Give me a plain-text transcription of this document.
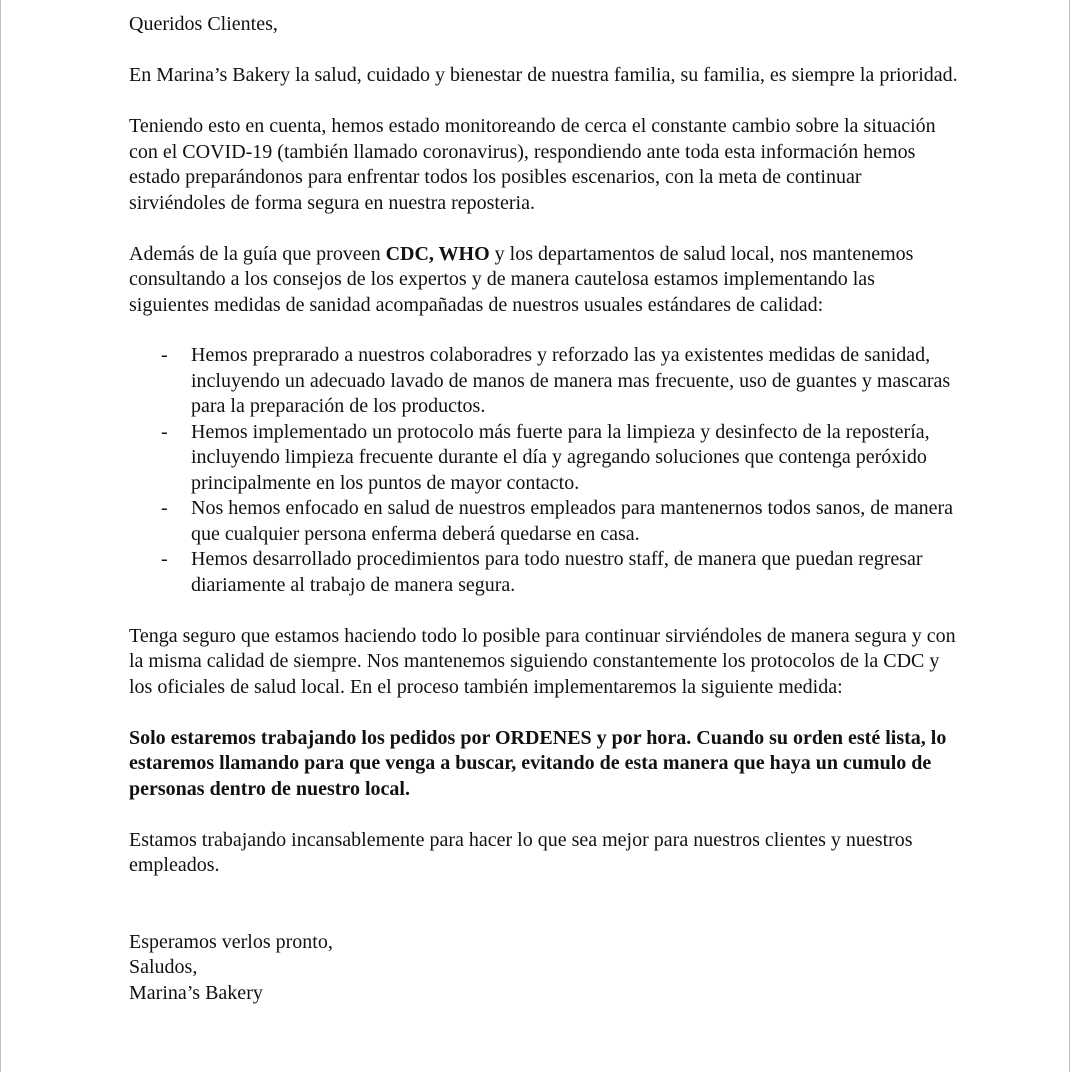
Queridos Clientes,

En Marina’s Bakery la salud, cuidado y bienestar de nuestra familia, su familia, es siempre la prioridad.

Teniendo esto en cuenta, hemos estado monitoreando de cerca el constante cambio sobre la situación con el COVID-19 (también llamado coronavirus), respondiendo ante toda esta información hemos estado preparándonos para enfrentar todos los posibles escenarios, con la meta de continuar sirviéndoles de forma segura en nuestra reposteria.

Además de la guía que proveen CDC, WHO y los departamentos de salud local, nos mantenemos consultando a los consejos de los expertos y de manera cautelosa estamos implementando las siguientes medidas de sanidad acompañadas de nuestros usuales estándares de calidad:

- Hemos preprarado a nuestros colaboradres y reforzado las ya existentes medidas de sanidad, incluyendo un adecuado lavado de manos de manera mas frecuente, uso de guantes y mascaras para la preparación de los productos.
- Hemos implementado un protocolo más fuerte para la limpieza y desinfecto de la repostería, incluyendo limpieza frecuente durante el día y agregando soluciones que contenga peróxido principalmente en los puntos de mayor contacto.
- Nos hemos enfocado en salud de nuestros empleados para mantenernos todos sanos, de manera que cualquier persona enferma deberá quedarse en casa.
- Hemos desarrollado procedimientos para todo nuestro staff, de manera que puedan regresar diariamente al trabajo de manera segura.

Tenga seguro que estamos haciendo todo lo posible para continuar sirviéndoles de manera segura y con la misma calidad de siempre. Nos mantenemos siguiendo constantemente los protocolos de la CDC y los oficiales de salud local. En el proceso también implementaremos la siguiente medida:

Solo estaremos trabajando los pedidos por ORDENES y por hora. Cuando su orden esté lista, lo estaremos llamando para que venga a buscar, evitando de esta manera que haya un cumulo de personas dentro de nuestro local.

Estamos trabajando incansablemente para hacer lo que sea mejor para nuestros clientes y nuestros empleados.

Esperamos verlos pronto,

Saludos,

Marina’s Bakery
